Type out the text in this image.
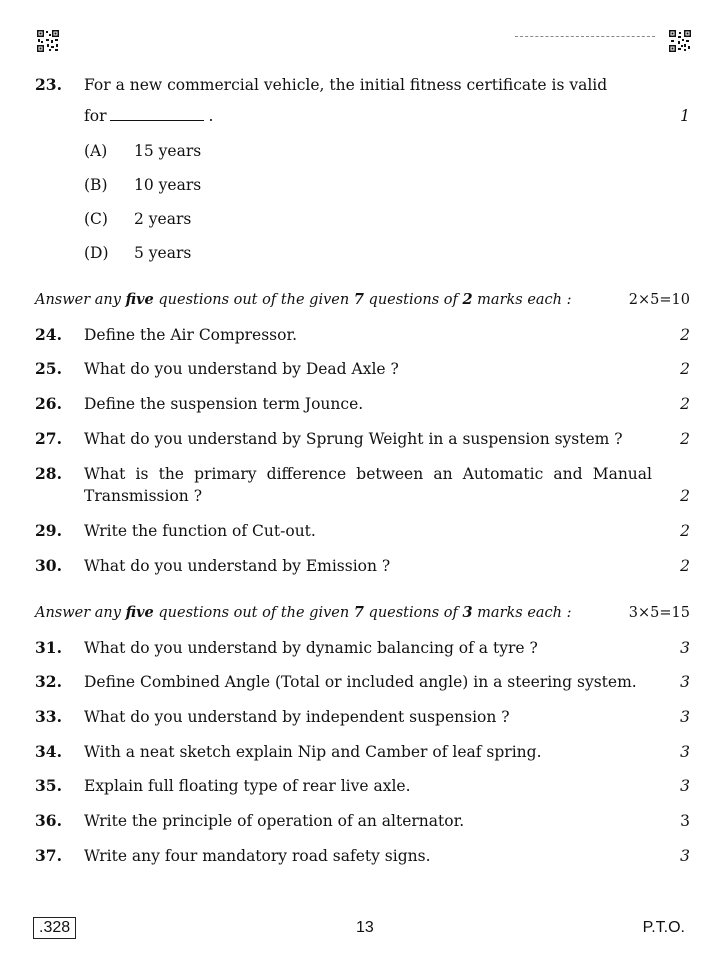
23. For a new commercial vehicle, the initial fitness certificate is valid
for	.	1
(A) 15 years
(B) 10 years
(C) 2 years
(D) 5 years
Answer any five questions out of the given 7 questions of 2 marks each :	2×5=10
24. Define the Air Compressor.	2
25. What do you understand by Dead Axle ?	2
26. Define the suspension term Jounce.	2
27. What do you understand by Sprung Weight in a suspension system ?	2
28. What is the primary difference between an Automatic and Manual
Transmission ?	2
29. Write the function of Cut-out.	2
30. What do you understand by Emission ?	2
Answer any five questions out of the given 7 questions of 3 marks each :	3×5=15
31. What do you understand by dynamic balancing of a tyre ?	3
32. Define Combined Angle (Total or included angle) in a steering system.	3
33. What do you understand by independent suspension ?	3
34. With a neat sketch explain Nip and Camber of leaf spring.	3
35. Explain full floating type of rear live axle.	3
36. Write the principle of operation of an alternator.	3
37. Write any four mandatory road safety signs.	3
.328	13	P.T.O.
